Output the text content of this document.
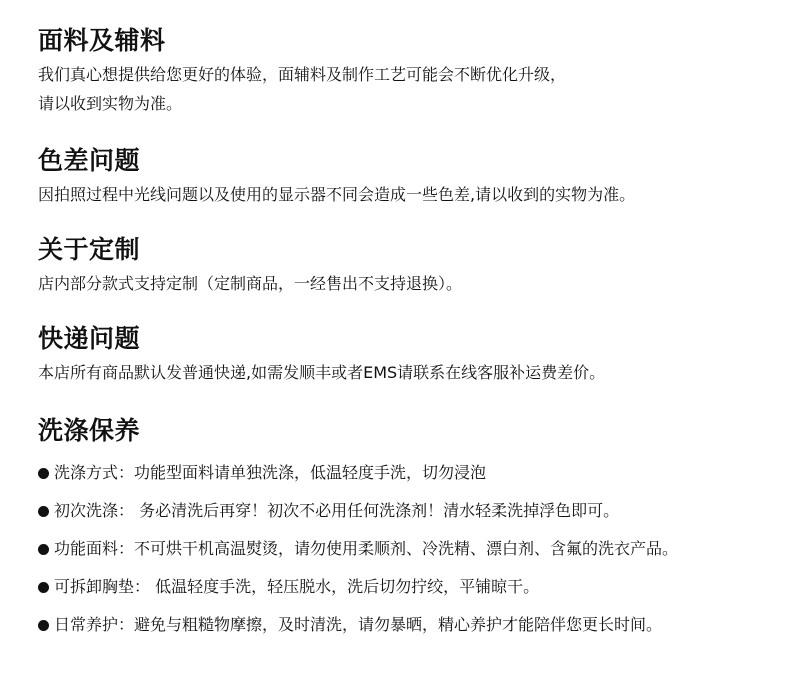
面料及辅料

我们真心想提供给您更好的体验，面辅料及制作工艺可能会不断优化升级，

请以收到实物为准。

色差问题

因拍照过程中光线问题以及使用的显示器不同会造成一些色差,请以收到的实物为准。

关于定制

店内部分款式支持定制（定制商品，一经售出不支持退换）。

快递问题

本店所有商品默认发普通快递,如需发顺丰或者EMS请联系在线客服补运费差价。

洗涤保养
洗涤方式：功能型面料请单独洗涤，低温轻度手洗，切勿浸泡
初次洗涤： 务必清洗后再穿！初次不必用任何洗涤剂！清水轻柔洗掉浮色即可。
功能面料：不可烘干机高温熨烫，请勿使用柔顺剂、冷洗精、漂白剂、含氟的洗衣产品。
可拆卸胸垫： 低温轻度手洗，轻压脱水，洗后切勿拧绞，平铺晾干。
日常养护：避免与粗糙物摩擦，及时清洗，请勿暴晒，精心养护才能陪伴您更长时间。
